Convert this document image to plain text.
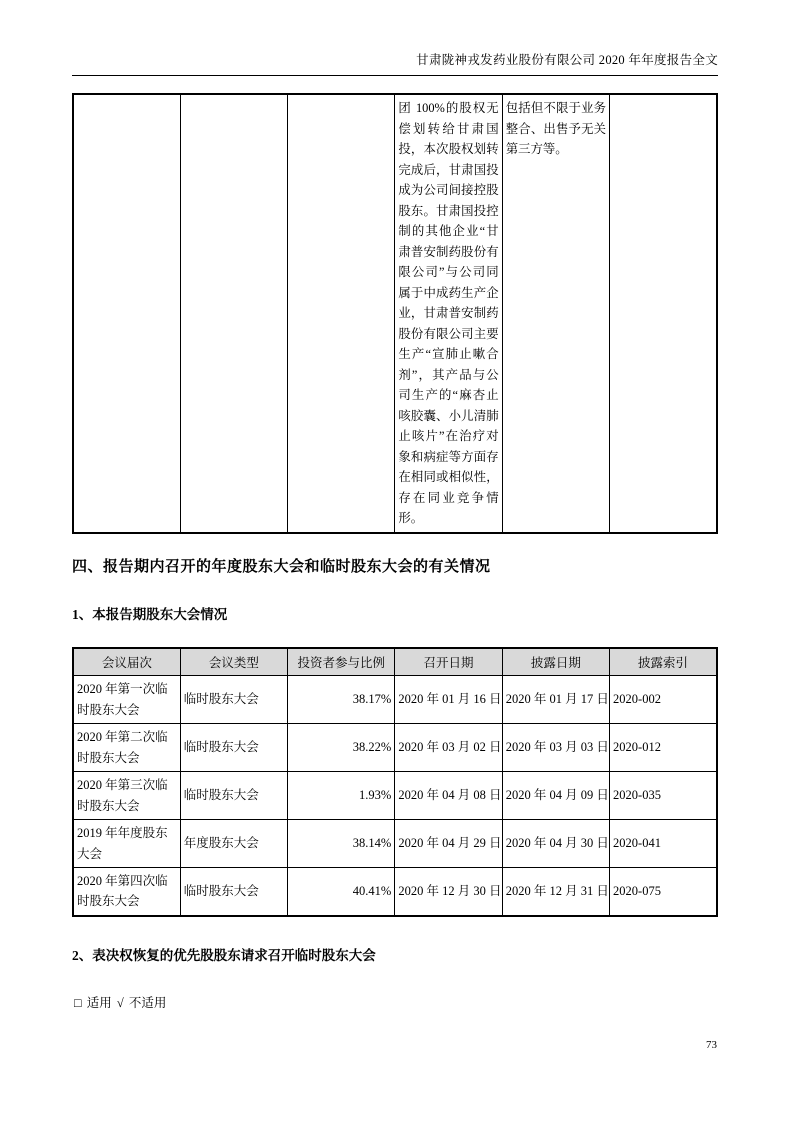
甘肃陇神戎发药业股份有限公司 2020 年年度报告全文
			团 100%的股权无偿划转给甘肃国投，本次股权划转完成后，甘肃国投成为公司间接控股股东。甘肃国投控制的其他企业“甘肃普安制药股份有限公司”与公司同属于中成药生产企业，甘肃普安制药股份有限公司主要生产“宣肺止嗽合剂”，其产品与公司生产的“麻杏止咳胶囊、小儿清肺止咳片”在治疗对象和病症等方面存在相同或相似性，存在同业竞争情形。	包括但不限于业务整合、出售予无关第三方等。	
四、报告期内召开的年度股东大会和临时股东大会的有关情况
1、本报告期股东大会情况
会议届次	会议类型	投资者参与比例	召开日期	披露日期	披露索引
2020 年第一次临时股东大会	临时股东大会	38.17%	2020 年 01 月 16 日	2020 年 01 月 17 日	2020-002
2020 年第二次临时股东大会	临时股东大会	38.22%	2020 年 03 月 02 日	2020 年 03 月 03 日	2020-012
2020 年第三次临时股东大会	临时股东大会	1.93%	2020 年 04 月 08 日	2020 年 04 月 09 日	2020-035
2019 年年度股东大会	年度股东大会	38.14%	2020 年 04 月 29 日	2020 年 04 月 30 日	2020-041
2020 年第四次临时股东大会	临时股东大会	40.41%	2020 年 12 月 30 日	2020 年 12 月 31 日	2020-075
2、表决权恢复的优先股股东请求召开临时股东大会
□ 适用 √ 不适用
73
